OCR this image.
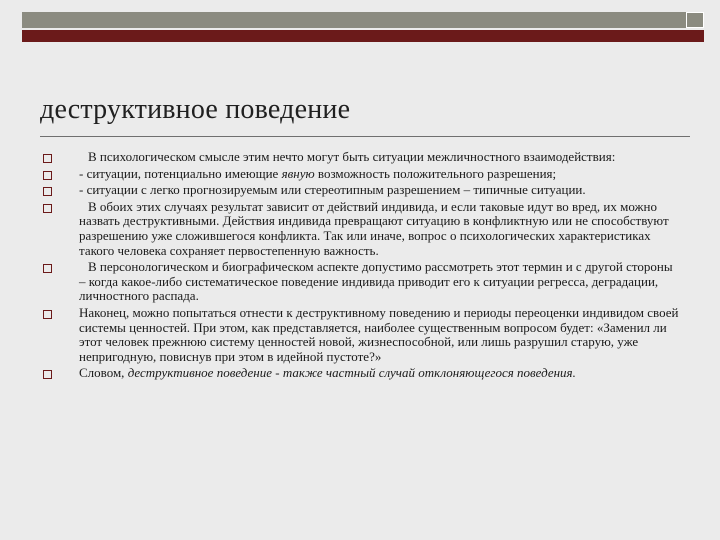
деструктивное поведение
В психологическом смысле этим нечто могут быть ситуации межличностного взаимодействия:
- ситуации, потенциально имеющие явную возможность положительного разрешения;
- ситуации с легко прогнозируемым или стереотипным разрешением – типичные ситуации.
В обоих этих случаях результат зависит от действий индивида, и если таковые идут во вред, их можно назвать деструктивными. Действия индивида превращают ситуацию в конфликтную или не способствуют разрешению уже сложившегося конфликта. Так или иначе, вопрос о психологических характеристиках такого человека сохраняет первостепенную важность.
В персонологическом и биографическом аспекте допустимо рассмотреть этот термин и с другой стороны – когда какое-либо систематическое поведение индивида приводит его к ситуации регресса, деградации, личностного распада.
Наконец, можно попытаться отнести к деструктивному поведению и периоды переоценки индивидом своей системы ценностей. При этом, как представляется, наиболее существенным вопросом будет: «Заменил ли этот человек прежнюю систему ценностей новой, жизнеспособной, или лишь разрушил старую, уже непригодную, повиснув при этом в идейной пустоте?»
Словом, деструктивное поведение - также частный случай отклоняющегося поведения.
